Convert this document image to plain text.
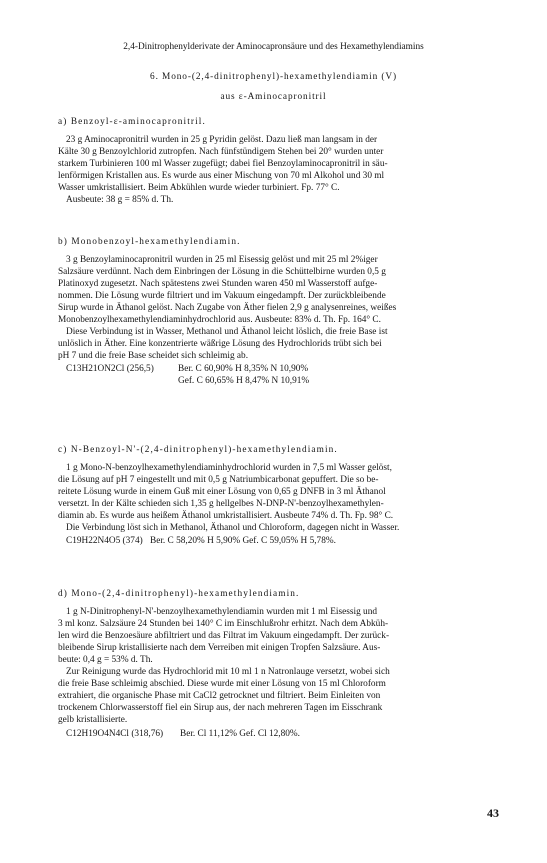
2,4-Dinitrophenylderivate der Aminocapronsäure und des Hexamethylendiamins
6. Mono-(2,4-dinitrophenyl)-hexamethylendiamin (V)
aus ε-Aminocapronitril
a) Benzoyl-ε-aminocapronitril.
23 g Aminocapronitril wurden in 25 g Pyridin gelöst. Dazu ließ man langsam in der
Kälte 30 g Benzoylchlorid zutropfen. Nach fünfstündigem Stehen bei 20° wurden unter
starkem Turbinieren 100 ml Wasser zugefügt; dabei fiel Benzoylaminocapronitril in säu-
lenförmigen Kristallen aus. Es wurde aus einer Mischung von 70 ml Alkohol und 30 ml
Wasser umkristallisiert. Beim Abkühlen wurde wieder turbiniert. Fp. 77° C.
Ausbeute: 38 g = 85% d. Th.
b) Monobenzoyl-hexamethylendiamin.
3 g Benzoylaminocapronitril wurden in 25 ml Eisessig gelöst und mit 25 ml 2%iger
Salzsäure verdünnt. Nach dem Einbringen der Lösung in die Schüttelbirne wurden 0,5 g
Platinoxyd zugesetzt. Nach spätestens zwei Stunden waren 450 ml Wasserstoff aufge-
nommen. Die Lösung wurde filtriert und im Vakuum eingedampft. Der zurückbleibende
Sirup wurde in Äthanol gelöst. Nach Zugabe von Äther fielen 2,9 g analysenreines, weißes
Monobenzoylhexamethylendiaminhydrochlorid aus. Ausbeute: 83% d. Th. Fp. 164° C.
Diese Verbindung ist in Wasser, Methanol und Äthanol leicht löslich, die freie Base ist
unlöslich in Äther. Eine konzentrierte wäßrige Lösung des Hydrochlorids trübt sich bei
pH 7 und die freie Base scheidet sich schleimig ab.
C13H21ON2Cl (256,5)	Ber. C 60,90% H 8,35% N 10,90%
Gef. C 60,65% H 8,47% N 10,91%
c) N-Benzoyl-N'-(2,4-dinitrophenyl)-hexamethylendiamin.
1 g Mono-N-benzoylhexamethylendiaminhydrochlorid wurden in 7,5 ml Wasser gelöst,
die Lösung auf pH 7 eingestellt und mit 0,5 g Natriumbicarbonat gepuffert. Die so be-
reitete Lösung wurde in einem Guß mit einer Lösung von 0,65 g DNFB in 3 ml Äthanol
versetzt. In der Kälte schieden sich 1,35 g hellgelbes N-DNP-N'-benzoylhexamethylen-
diamin ab. Es wurde aus heißem Äthanol umkristallisiert. Ausbeute 74% d. Th. Fp. 98° C.
Die Verbindung löst sich in Methanol, Äthanol und Chloroform, dagegen nicht in Wasser.
C19H22N4O5 (374) Ber. C 58,20% H 5,90% Gef. C 59,05% H 5,78%.
d) Mono-(2,4-dinitrophenyl)-hexamethylendiamin.
1 g N-Dinitrophenyl-N'-benzoylhexamethylendiamin wurden mit 1 ml Eisessig und
3 ml konz. Salzsäure 24 Stunden bei 140° C im Einschlußrohr erhitzt. Nach dem Abküh-
len wird die Benzoesäure abfiltriert und das Filtrat im Vakuum eingedampft. Der zurück-
bleibende Sirup kristallisierte nach dem Verreiben mit einigen Tropfen Salzsäure. Aus-
beute: 0,4 g = 53% d. Th.
Zur Reinigung wurde das Hydrochlorid mit 10 ml 1 n Natronlauge versetzt, wobei sich
die freie Base schleimig abschied. Diese wurde mit einer Lösung von 15 ml Chloroform
extrahiert, die organische Phase mit CaCl2 getrocknet und filtriert. Beim Einleiten von
trockenem Chlorwasserstoff fiel ein Sirup aus, der nach mehreren Tagen im Eisschrank
gelb kristallisierte.
C12H19O4N4Cl (318,76)	Ber. Cl 11,12% Gef. Cl 12,80%.
43
